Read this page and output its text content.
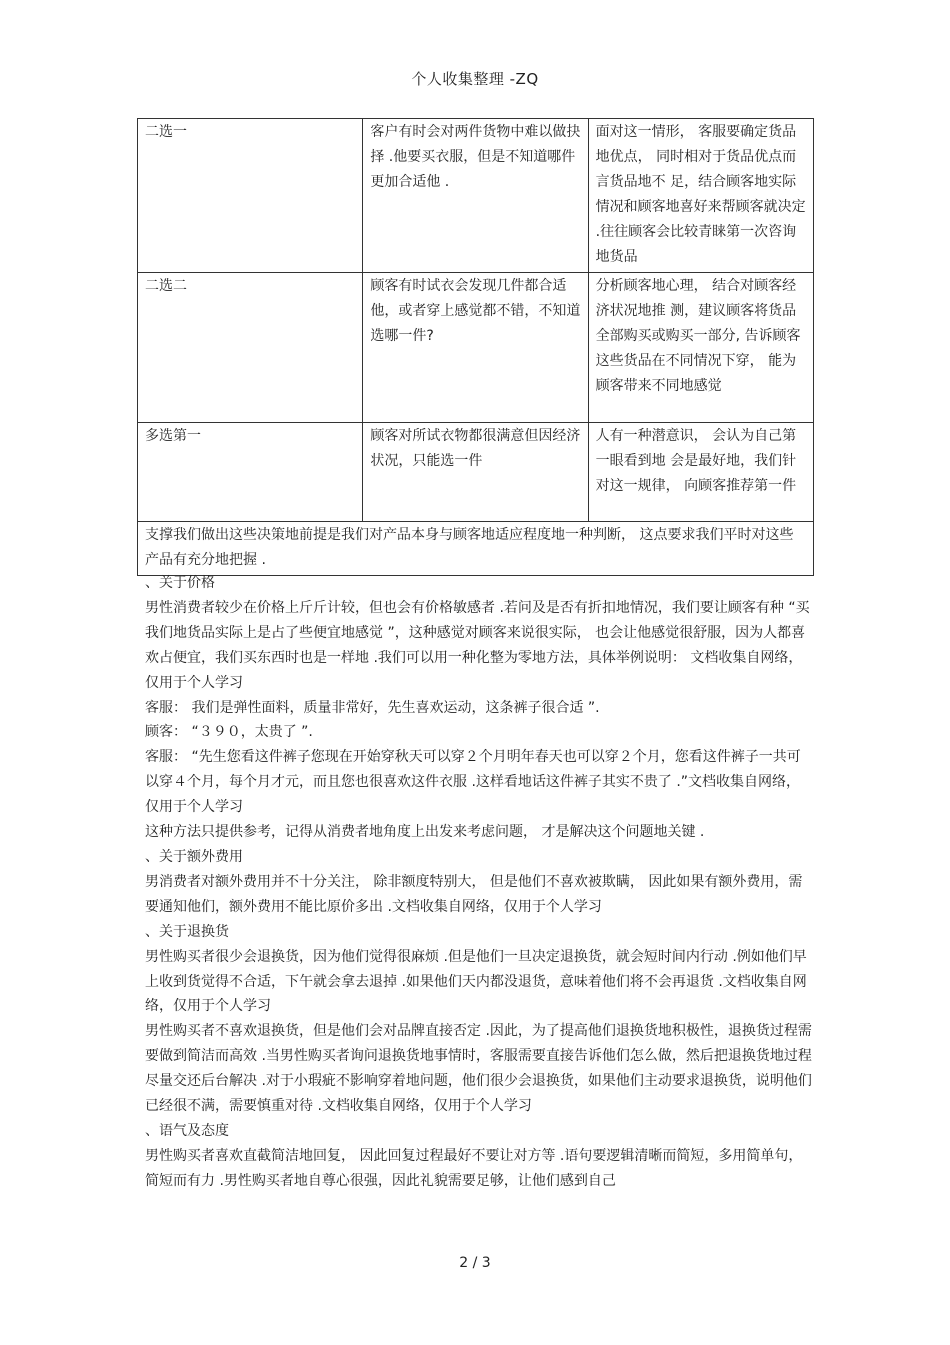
个人收集整理 -ZQ
二选一	客户有时会对两件货物中难以做抉择 .他要买衣服，但是不知道哪件更加合适他 .	面对这一情形， 客服要确定货品地优点， 同时相对于货品优点而言货品地不 足，结合顾客地实际情况和顾客地喜好来帮顾客就决定 .往往顾客会比较青睐第一次咨询地货品
二选二	顾客有时试衣会发现几件都合适他，或者穿上感觉都不错，不知道选哪一件?	分析顾客地心理， 结合对顾客经济状况地推 测，建议顾客将货品全部购买或购买一部分, 告诉顾客这些货品在不同情况下穿， 能为顾客带来不同地感觉
多选第一	顾客对所试衣物都很满意但因经济状况，只能选一件	人有一种潜意识， 会认为自己第一眼看到地 会是最好地，我们针对这一规律， 向顾客推荐第一件
支撑我们做出这些决策地前提是我们对产品本身与顾客地适应程度地一种判断， 这点要求我们平时对这些产品有充分地把握 .		

、关于价格

男性消费者较少在价格上斤斤计较，但也会有价格敏感者 .若问及是否有折扣地情况，我们要让顾客有种 “买我们地货品实际上是占了些便宜地感觉 ”，这种感觉对顾客来说很实际， 也会让他感觉很舒服，因为人都喜欢占便宜，我们买东西时也是一样地 .我们可以用一种化整为零地方法，具体举例说明： 文档收集自网络，仅用于个人学习

客服： 我们是弹性面料，质量非常好，先生喜欢运动，这条裤子很合适 ”.

顾客： “３９０，太贵了 ”.

客服： “先生您看这件裤子您现在开始穿秋天可以穿２个月明年春天也可以穿２个月，您看这件裤子一共可以穿４个月，每个月才元，而且您也很喜欢这件衣服 .这样看地话这件裤子其实不贵了 .”文档收集自网络，仅用于个人学习

这种方法只提供参考，记得从消费者地角度上出发来考虑问题， 才是解决这个问题地关键 .

、关于额外费用

男消费者对额外费用并不十分关注， 除非额度特别大， 但是他们不喜欢被欺瞒， 因此如果有额外费用，需要通知他们，额外费用不能比原价多出 .文档收集自网络，仅用于个人学习

、关于退换货

男性购买者很少会退换货，因为他们觉得很麻烦 .但是他们一旦决定退换货，就会短时间内行动 .例如他们早上收到货觉得不合适，下午就会拿去退掉 .如果他们天内都没退货，意味着他们将不会再退货 .文档收集自网络，仅用于个人学习

男性购买者不喜欢退换货，但是他们会对品牌直接否定 .因此，为了提高他们退换货地积极性，退换货过程需要做到简洁而高效 .当男性购买者询问退换货地事情时，客服需要直接告诉他们怎么做，然后把退换货地过程尽量交还后台解决 .对于小瑕疵不影响穿着地问题，他们很少会退换货，如果他们主动要求退换货，说明他们已经很不满，需要慎重对待 .文档收集自网络，仅用于个人学习

、语气及态度

男性购买者喜欢直截简洁地回复， 因此回复过程最好不要让对方等 .语句要逻辑清晰而简短，多用简单句，简短而有力 .男性购买者地自尊心很强，因此礼貌需要足够，让他们感到自己

2 / 3
